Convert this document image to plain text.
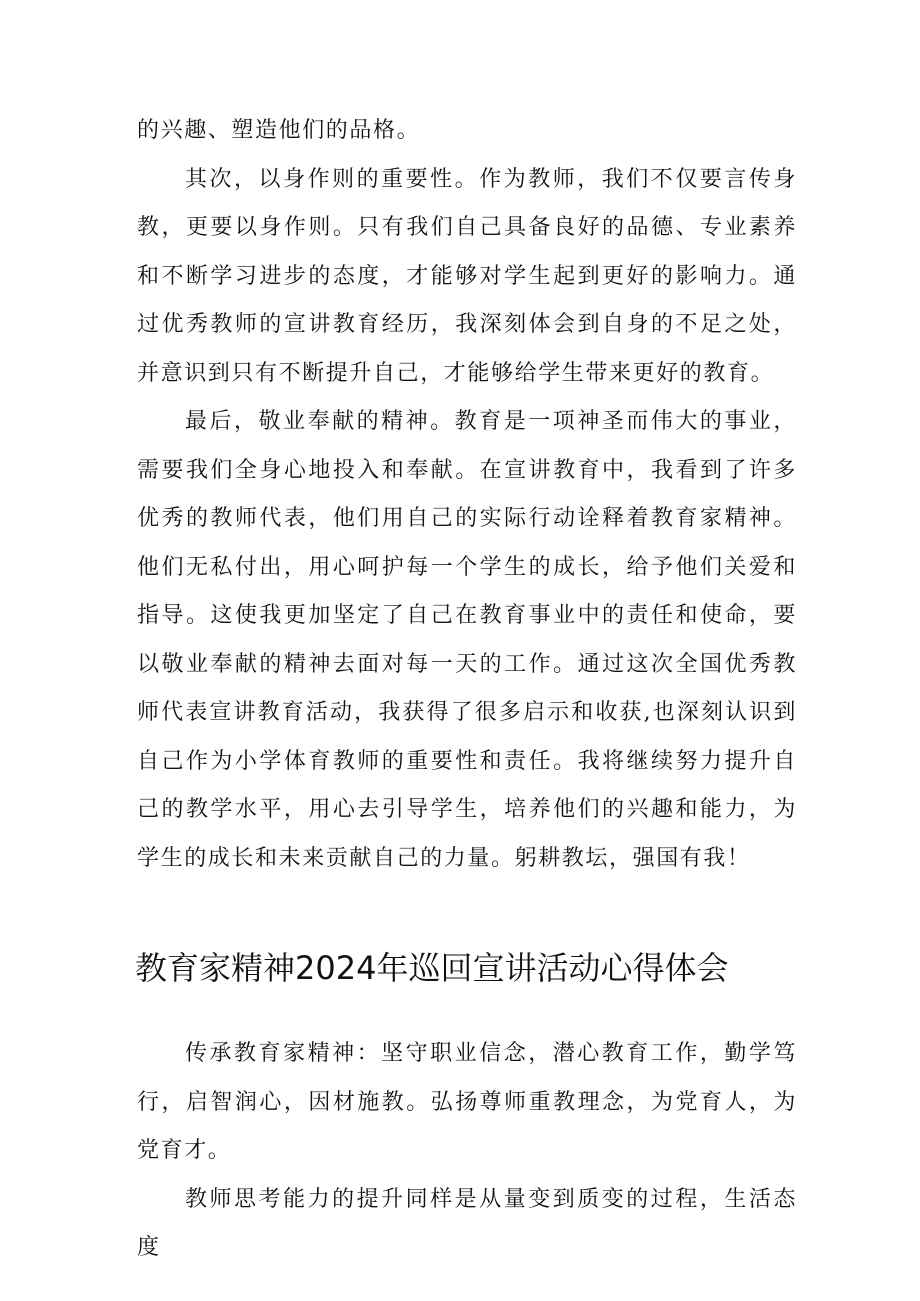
的兴趣、塑造他们的品格。

其次，以身作则的重要性。作为教师，我们不仅要言传身教，更要以身作则。只有我们自己具备良好的品德、专业素养和不断学习进步的态度，才能够对学生起到更好的影响力。通过优秀教师的宣讲教育经历，我深刻体会到自身的不足之处，并意识到只有不断提升自己，才能够给学生带来更好的教育。

最后，敬业奉献的精神。教育是一项神圣而伟大的事业，需要我们全身心地投入和奉献。在宣讲教育中，我看到了许多优秀的教师代表，他们用自己的实际行动诠释着教育家精神。他们无私付出，用心呵护每一个学生的成长，给予他们关爱和指导。这使我更加坚定了自己在教育事业中的责任和使命，要以敬业奉献的精神去面对每一天的工作。通过这次全国优秀教师代表宣讲教育活动，我获得了很多启示和收获,也深刻认识到自己作为小学体育教师的重要性和责任。我将继续努力提升自己的教学水平，用心去引导学生，培养他们的兴趣和能力，为学生的成长和未来贡献自己的力量。躬耕教坛，强国有我！

教育家精神2024年巡回宣讲活动心得体会

传承教育家精神：坚守职业信念，潜心教育工作，勤学笃行，启智润心，因材施教。弘扬尊师重教理念，为党育人，为党育才。

教师思考能力的提升同样是从量变到质变的过程，生活态度
